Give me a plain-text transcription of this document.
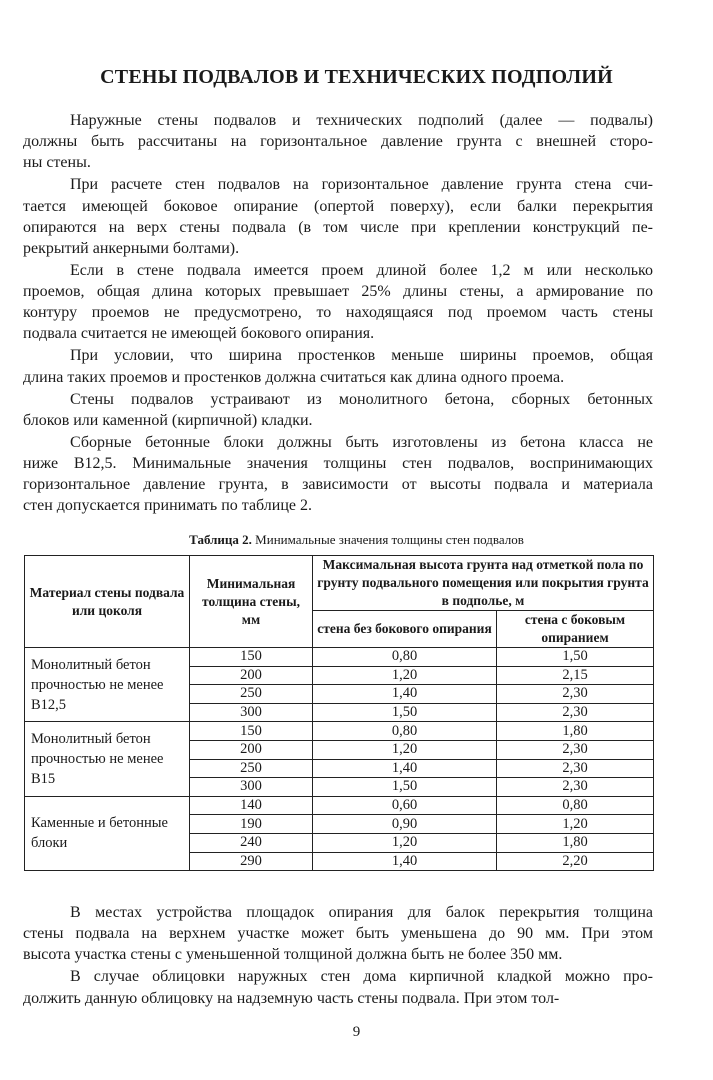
СТЕНЫ ПОДВАЛОВ И ТЕХНИЧЕСКИХ ПОДПОЛИЙ
Наружные стены подвалов и технических подполий (далее — подвалы)
должны быть рассчитаны на горизонтальное давление грунта с внешней сторо-
ны стены.
При расчете стен подвалов на горизонтальное давление грунта стена счи-
тается имеющей боковое опирание (опертой поверху), если балки перекрытия
опираются на верх стены подвала (в том числе при креплении конструкций пе-
рекрытий анкерными болтами).
Если в стене подвала имеется проем длиной более 1,2 м или несколько
проемов, общая длина которых превышает 25% длины стены, а армирование по
контуру проемов не предусмотрено, то находящаяся под проемом часть стены
подвала считается не имеющей бокового опирания.
При условии, что ширина простенков меньше ширины проемов, общая
длина таких проемов и простенков должна считаться как длина одного проема.
Стены подвалов устраивают из монолитного бетона, сборных бетонных
блоков или каменной (кирпичной) кладки.
Сборные бетонные блоки должны быть изготовлены из бетона класса не
ниже В12,5. Минимальные значения толщины стен подвалов, воспринимающих
горизонтальное давление грунта, в зависимости от высоты подвала и материала
стен допускается принимать по таблице 2.
Таблица 2. Минимальные значения толщины стен подвалов
Материал стены подвала или цоколя	Минимальная толщина стены, мм	Максимальная высота грунта над отметкой пола по грунту подвального помещения или покрытия грунта в подполье, м	
		стена без бокового опирания	стена с боковым опиранием
Монолитный бетон прочностью не менее В12,5	150	0,80	1,50
	200	1,20	2,15
	250	1,40	2,30
	300	1,50	2,30
Монолитный бетон прочностью не менее В15	150	0,80	1,80
	200	1,20	2,30
	250	1,40	2,30
	300	1,50	2,30
Каменные и бетонные блоки	140	0,60	0,80
	190	0,90	1,20
	240	1,20	1,80
	290	1,40	2,20
В местах устройства площадок опирания для балок перекрытия толщина
стены подвала на верхнем участке может быть уменьшена до 90 мм. При этом
высота участка стены с уменьшенной толщиной должна быть не более 350 мм.
В случае облицовки наружных стен дома кирпичной кладкой можно про-
должить данную облицовку на надземную часть стены подвала. При этом тол-
9
